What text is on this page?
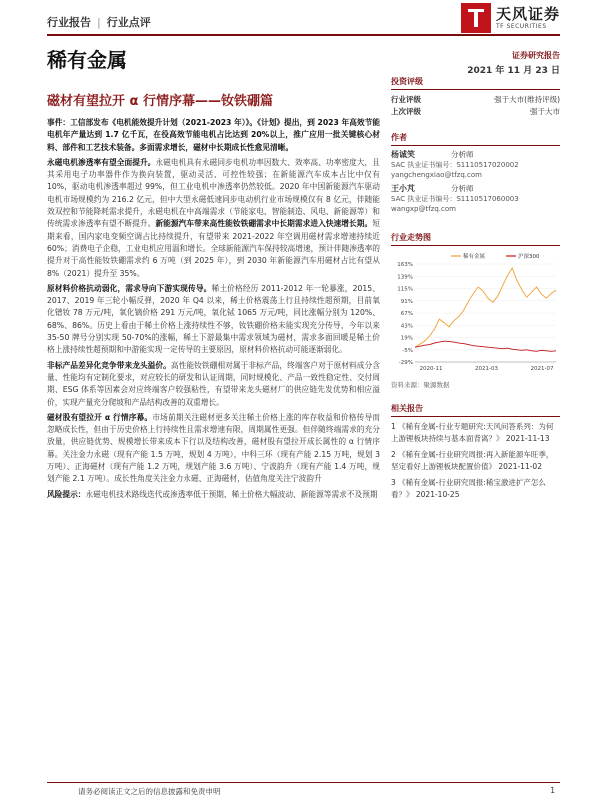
行业报告 | 行业点评	天风证券
TF SECURITIES
稀有金属	证券研究报告
2021 年 11 月 23 日
磁材有望拉开 α 行情序幕——钕铁硼篇

事件：工信部发布《电机能效提升计划（2021-2023 年）》。《计划》提出，到 2023 年高效节能电机年产量达到 1.7 亿千瓦，在役高效节能电机占比达到 20%以上，推广应用一批关键核心材料、部件和工艺技术装备。多面需求增长，磁材中长期成长性愈见清晰。

永磁电机渗透率有望全面提升。永磁电机具有永磁同步电机功率因数大、效率高、功率密度大，且其采用电子功率器件作为换向装置，驱动灵活、可控性较强；在新能源汽车成本占比中仅有 10%，驱动电机渗透率超过 99%，但工业电机中渗透率仍然较低。2020 年中国新能源汽车驱动电机市场规模约为 216.2 亿元，但中大型永磁低速同步电动机行业市场规模仅有 8 亿元，伴随能效双控和节能降耗需求提升，永磁电机在中高端需求（节能家电、智能制造、风电、新能源等）和传统需求渗透率有望不断提升。新能源汽车带来高性能钕铁硼需求中长期需求进入快速增长期。短期来看，国内家电变频空调占比持续提升，有望带来 2021-2022 年空调用磁材需求增速持续近 60%；消费电子企稳，工业电机应用温和增长。全球新能源汽车保持较高增速，预计伴随渗透率的提升对于高性能钕铁硼需求约 6 万吨（到 2025 年），到 2030 年新能源汽车用磁材占比有望从 8%（2021）提升至 35%。

原材料价格抗动弱化，需求导向下游实现传导。稀土价格经历 2011-2012 年一轮暴涨，2015、2017、2019 年三轮小幅反弹，2020 年 Q4 以来，稀土价格震荡上行且持续性超预期，目前氧化镨钕 78 万元/吨，氧化镝价格 291 万元/吨，氧化铽 1065 万元/吨，同比涨幅分别为 120%、68%、86%。历史上看由于稀土价格上涨持续性不够，钕铁硼价格未能实现充分传导，今年以来 35-50 牌号分别实现 50-70%的涨幅，稀土下游最集中需求领域为磁材，需求多面回暖是稀土价格上涨持续性超预期和中游能实现一定传导的主要原因，原材料价格抗动可能逐渐弱化。

非标产品差异化竞争带来龙头溢价。高性能钕铁硼相对属于非标产品，终端客户对于原材料成分含量、性能均有定制化要求，对应较长的研发和认证周期，同时规模化、产品一致性稳定性、交付周期、ESG 体系等因素会对应终端客户较强粘性，有望带来龙头磁材厂的供应链先发优势和相应溢价，实现产量充分爬坡和产品结构改善的双重增长。

磁材股有望拉开 α 行情序幕。市场前期关注磁材更多关注稀土价格上涨的库存收益和价格传导而忽略成长性，但由于历史价格上行持续性且需求增速有限，周期属性更强。但伴随终端需求的充分放量，供应链优势、规模增长带来成本下行以及结构改善，磁材股有望拉开成长属性的 α 行情序幕。关注金力永磁（现有产能 1.5 万吨，规划 4 万吨），中科三环（现有产能 2.15 万吨，规划 3 万吨）、正海磁材（现有产能 1.2 万吨，规划产能 3.6 万吨）、宁波韵升（现有产能 1.4 万吨，规划产能 2.1 万吨）。成长性角度关注金力永磁、正海磁材，估值角度关注宁波韵升

风险提示：永磁电机技术路线迭代或渗透率低于预期、稀土价格大幅波动、新能源等需求不及预期

投资评级
行业评级	强于大市(维持评级)
上次评级	强于大市
作者
杨诚笑	分析师
SAC 执业证书编号：S1110517020002
yangchengxiao@tfzq.com
王小芃	分析师
SAC 执业证书编号：S1110517060003
wangxp@tfzq.com
行业走势图
163%
139%
115%
91%
67%
43%
19%
-5%
-29%
2020-11	2021-03	2021-07
稀有金属	沪深300
资料来源：聚源数据
相关报告
1 《稀有金属-行业专题研究:天风问答系列：为何上游锂板块持续与基本面背离？》 2021-11-13
2 《稀有金属-行业研究周报:再入新能源车旺季，坚定看好上游锂板块配置价值》 2021-11-02
3 《稀有金属-行业研究周报:稀宝激进扩产怎么看？》 2021-10-25
请务必阅读正文之后的信息披露和免责申明	1
